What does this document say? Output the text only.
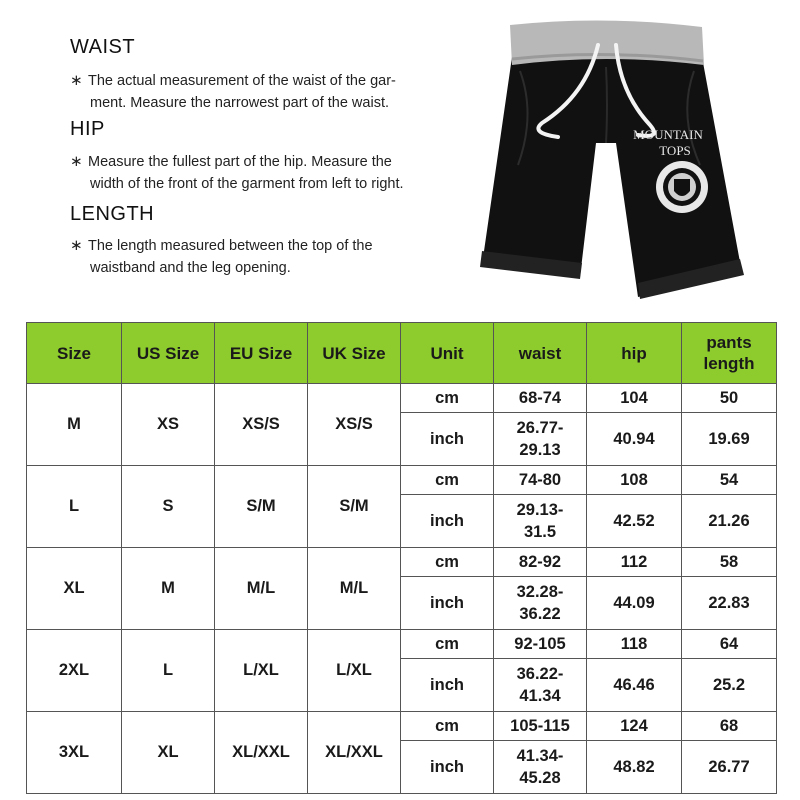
WAIST
∗ The actual measurement of the waist of the gar-
ment. Measure the narrowest part of the waist.
HIP
∗ Measure the fullest part of the hip. Measure the
width of the front of the garment from left to right.
LENGTH
∗ The length measured between the top of the
waistband and the leg opening.
MOUNTAIN
TOPS
Size	US Size	EU Size	UK Size	Unit	waist	hip	pants
length
M	XS	XS/S	XS/S	cm	68-74	104	50
				inch	26.77-
29.13	40.94	19.69
L	S	S/M	S/M	cm	74-80	108	54
				inch	29.13-
31.5	42.52	21.26
XL	M	M/L	M/L	cm	82-92	112	58
				inch	32.28-
36.22	44.09	22.83
2XL	L	L/XL	L/XL	cm	92-105	118	64
				inch	36.22-
41.34	46.46	25.2
3XL	XL	XL/XXL	XL/XXL	cm	105-115	124	68
				inch	41.34-
45.28	48.82	26.77
